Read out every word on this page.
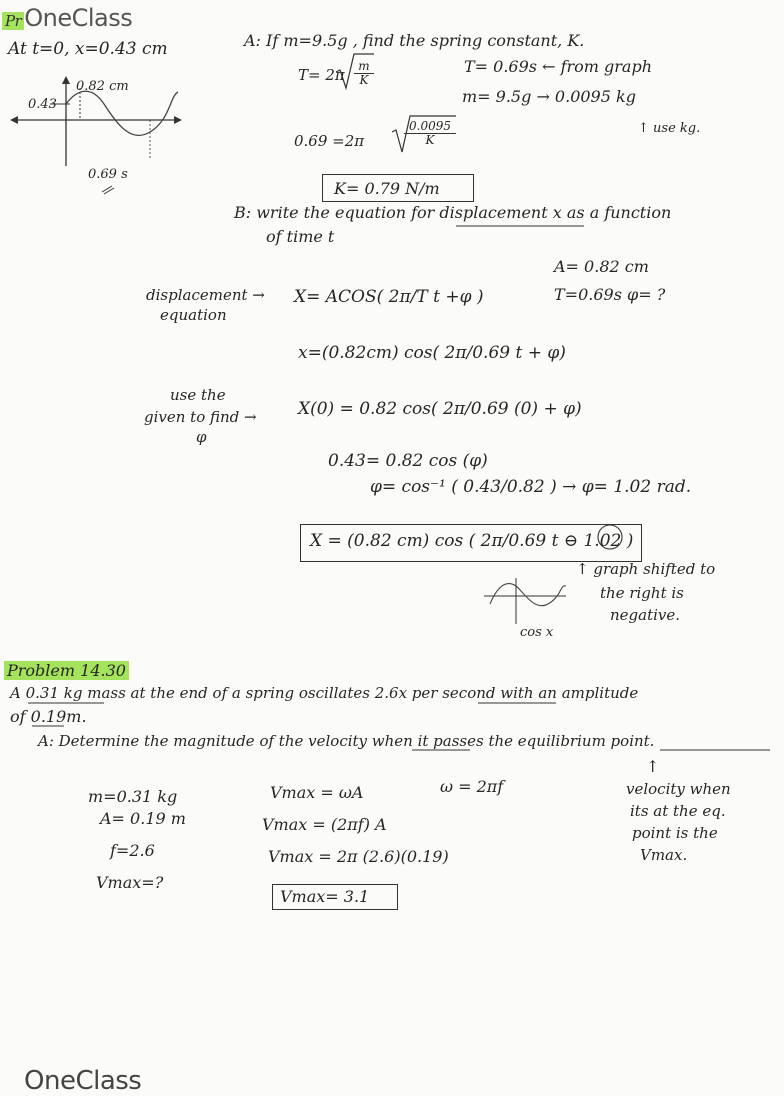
Pr OneClass
At t=0, x=0.43 cm
0.82 cm
0.43
0.69 s
A: If m=9.5g , find the spring constant, K.
$T= 2\pi \frac{m}{K}$	T= 0.69s ← from graph
m= 9.5g → 0.0095 kg
↑ use kg.
0.69 =2π	$\frac{0.0095}{K}$
K= 0.79 N/m
B: write the equation for displacement x as a function
of time t
displacement →
equation
X= ACOS( 2π/T t +φ )
A= 0.82 cm
T=0.69s φ= ?
x=(0.82cm) cos( 2π/0.69 t + φ)
use the
given to find →
φ
X(0) = 0.82 cos( 2π/0.69 (0) + φ)
0.43= 0.82 cos (φ)
φ= cos⁻¹ ( 0.43/0.82 ) → φ= 1.02 rad.
X = (0.82 cm) cos ( 2π/0.69 t ⊖ 1.02 )
↑ graph shifted to
the right is
negative.
cos x
Problem 14.30
A 0.31 kg mass at the end of a spring oscillates 2.6x per second with an amplitude
of 0.19m.
A: Determine the magnitude of the velocity when it passes the equilibrium point.
m=0.31 kg
A= 0.19 m
f=2.6
Vmax=?
Vmax = ωA	ω = 2πf
Vmax = (2πf) A
Vmax = 2π (2.6)(0.19)
Vmax= 3.1
↑
velocity when
its at the eq.
point is the
Vmax.
OneClass
